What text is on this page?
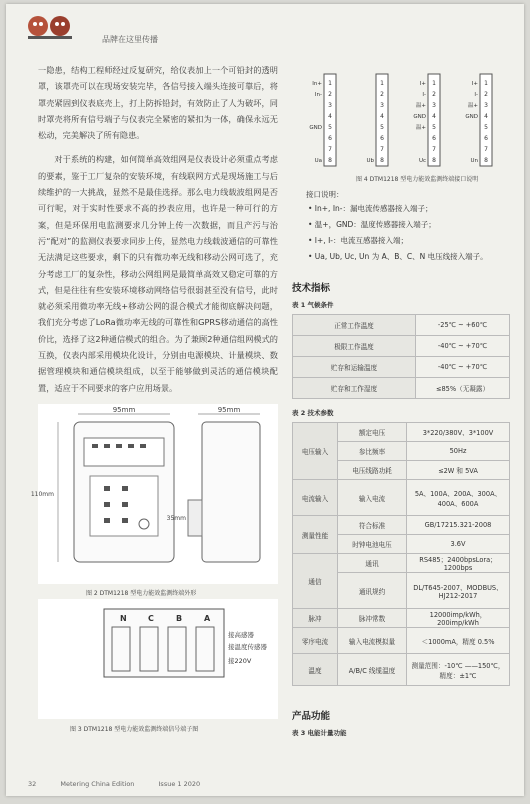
品牌在这里传播

一隐患，结构工程师经过反复研究，给仪表加上一个可铅封的透明罩，该罩壳可以在现场安装完毕，各信号接入端头连接可靠后，将罩壳紧固到仪表底壳上，打上防拆铅封，有效防止了人为破坏，同时罩壳将所有信号端子与仪表完全紧密的紧扣为一体，确保永远无松动，完美解决了所有隐患。

对于系统的构建，如何简单高效组网是仪表设计必须重点考虑的要素，鉴于工厂复杂的安装环境，有线联网方式是现场施工与后续维护的一大挑战，显然不是最佳选择。那么电力线载波组网是否可行呢，对于实时性要求不高的抄表应用，也许是一种可行的方案，但是环保用电监测要求几分钟上传一次数据，而且产污与治污“配对”的监测仪表要求同步上传，显然电力线载波通信的可靠性无法满足这些要求，剩下的只有微功率无线和移动公网可选了，充分考虑工厂的复杂性，移动公网组网是最简单高效又稳定可靠的方式，但是往往有些安装环境移动网络信号很弱甚至没有信号，此时就必须采用微功率无线+移动公网的混合模式才能彻底解决问题，我们充分考虑了LoRa微功率无线的可靠性和GPRS移动通信的高性价比，选择了这2种通信模式的组合。为了兼顾2种通信组网模式的互换，仪表内部采用模块化设计，分别由电源模块、计量模块、数据管理模块和通信模块组成，以至于能够做到灵活的通信模块配置，适应于不同要求的客户应用场景。

95mm
110mm
95mm
35mm
图 2 DTM1218 型电力能效监测终端外形
N	C	B	A
接高感器
接温度传感器
接220V
图 3 DTM1218 型电力能效监测终端信号端子图
1
In+
2
In-
3
4
5
GND
6
7
8
Ua
1
2
3
4
5
6
7
8
Ub
1
I+
2
I-
3
温+
4
GND
5
温+
6
7
8
Uc
1
I+
2
I-
3
温+
4
GND
5
6
7
8
Un
图 4 DTM1218 型电力能效监测终端接口说明
接口说明：
• In+, In-：漏电流传感器接入端子；
• 温+，GND：温度传感器接入端子；
• I+, I-：电流互感器接入端；
• Ua, Ub, Uc, Un 为 A、B、C、N 电压线接入端子。
技术指标
表 1 气候条件
正常工作温度	-25℃ ~ +60℃
极限工作温度	-40℃ ~ +70℃
贮存和运输温度	-40℃ ~ +70℃
贮存和工作湿度	≤85%（无凝露）
表 2 技术参数
电压输入	额定电压	3*220/380V、3*100V
	参比频率	50Hz
	电压线路功耗	≤2W 和 5VA
电流输入	输入电流	5A、100A、200A、300A、400A、600A
测量性能	符合标准	GB/17215.321-2008
	时钟电池电压	3.6V
通信	通讯	RS485；2400bpsLora；1200bps
	通讯规约	DL/T645-2007、MODBUS、HJ212-2017
脉冲	脉冲常数	12000imp/kWh，200imp/kWh
零序电流	输入电流模拟量	＜1000mA，精度 0.5%
温度	A/B/C 线缆温度	测量范围：-10℃ ——150℃，精度：±1℃
产品功能
表 3 电能计量功能
32	Metering China Edition	Issue 1 2020
